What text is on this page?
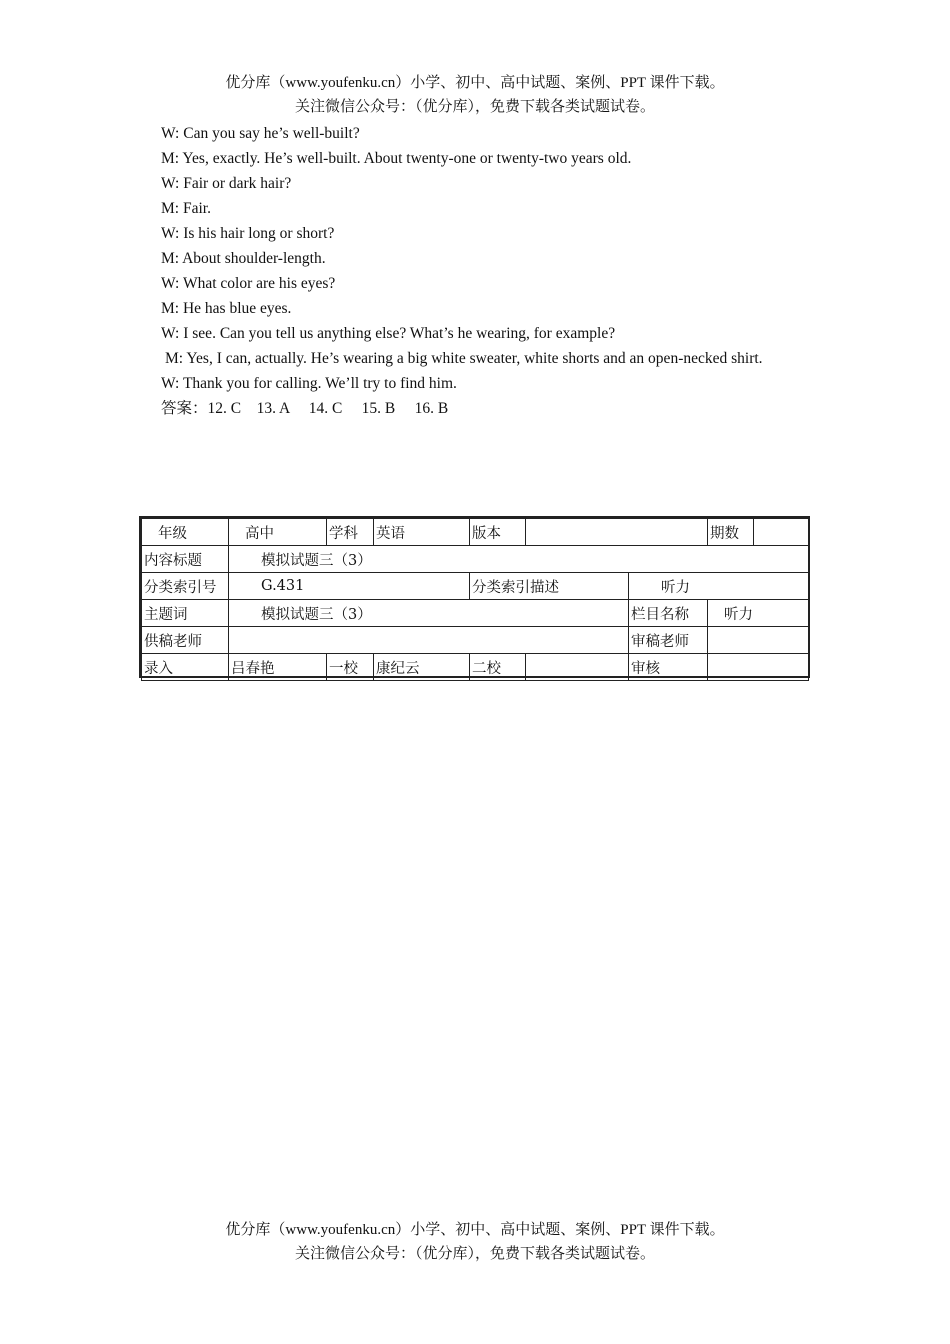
优分库（www.youfenku.cn）小学、初中、高中试题、案例、PPT 课件下载。
关注微信公众号：（优分库），免费下载各类试题试卷。
W: Can you say he’s well-built?
M: Yes, exactly. He’s well-built. About twenty-one or twenty-two years old.
W: Fair or dark hair?
M: Fair.
W: Is his hair long or short?
M: About shoulder-length.
W: What color are his eyes?
M: He has blue eyes.
W: I see. Can you tell us anything else? What’s he wearing, for example?
M: Yes, I can, actually. He’s wearing a big white sweater, white shorts and an open-necked shirt.
W: Thank you for calling. We’ll try to find him.
答案：12. C    13. A     14. C     15. B     16. B
年级	高中	学科	英语	版本			期数	
内容标题	模拟试题三（3）							
分类索引号	G.431			分类索引描述		听力		
主题词	模拟试题三（3）					栏目名称	听力	
供稿老师						审稿老师		
录入	吕春艳	一校	康纪云	二校		审核		
优分库（www.youfenku.cn）小学、初中、高中试题、案例、PPT 课件下载。
关注微信公众号：（优分库），免费下载各类试题试卷。
